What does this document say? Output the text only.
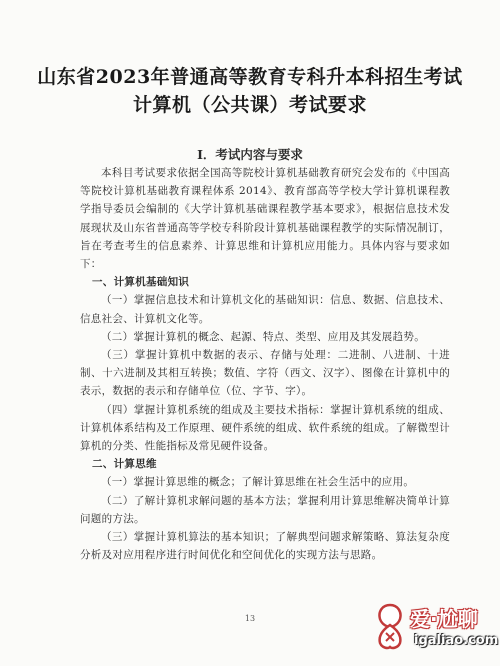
山东省2023年普通高等教育专科升本科招生考试
计算机（公共课）考试要求
I．考试内容与要求

本科目考试要求依据全国高等院校计算机基础教育研究会发布的《中国高等院校计算机基础教育课程体系 2014》、教育部高等学校大学计算机课程教学指导委员会编制的《大学计算机基础课程教学基本要求》，根据信息技术发展现状及山东省普通高等学校专科阶段计算机基础课程教学的实际情况制订，旨在考查考生的信息素养、计算思维和计算机应用能力。具体内容与要求如下：

一、计算机基础知识

（一）掌握信息技术和计算机文化的基础知识：信息、数据、信息技术、信息社会、计算机文化等。

（二）掌握计算机的概念、起源、特点、类型、应用及其发展趋势。

（三）掌握计算机中数据的表示、存储与处理：二进制、八进制、十进制、十六进制及其相互转换；数值、字符（西文、汉字）、图像在计算机中的表示，数据的表示和存储单位（位、字节、字）。

（四）掌握计算机系统的组成及主要技术指标：掌握计算机系统的组成、计算机体系结构及工作原理、硬件系统的组成、软件系统的组成。了解微型计算机的分类、性能指标及常见硬件设备。

二、计算思维

（一）掌握计算思维的概念；了解计算思维在社会生活中的应用。

（二）了解计算机求解问题的基本方法；掌握利用计算思维解决简单计算问题的方法。

（三）掌握计算机算法的基本知识；了解典型问题求解策略、算法复杂度分析及对应用程序进行时间优化和空间优化的实现方法与思路。

13	爱·尬聊
igaliao.com
